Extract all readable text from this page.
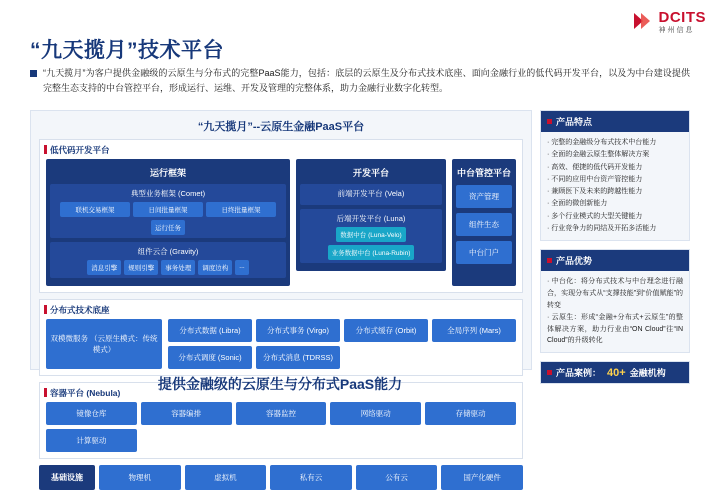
DCITS
神州信息
“九天揽月”技术平台
“九天揽月”为客户提供金融级的云原生与分布式的完整PaaS能力，包括：底层的云原生及分布式技术底座、面向金融行业的低代码开发平台，以及为中台建设提供完整生态支持的中台管控平台，形成运行、运维、开发及管理的完整体系，助力金融行业数字化转型。
“九天揽月”--云原生金融PaaS平台
低代码开发平台
运行框架
典型业务框架 (Comet)
联机交易框架	日间批量框架	日终批量框架
运行任务
组件云合 (Gravity)
消息引擎	规则引擎	事务处理	调度边构	...
开发平台
前端开发平台 (Vela)
后端开发平台 (Luna)
数据中台 (Luna-Velo)
业务数据中台 (Luna-Rubin)
中台管控平台
资产管理
组件生态
中台门户
分布式技术底座
双模微服务 （云原生模式：传统模式）
分布式数据 (Libra)	分布式事务 (Virgo)	分布式缓存 (Orbit)	全局序列 (Mars)
分布式调度 (Sonic)	分布式消息 (TDRSS)
容器平台 (Nebula)
镜像仓库	容器编排	容器监控	网络驱动	存储驱动
计算驱动
基础设施	物理机	虚拟机	私有云	公有云	国产化硬件
提供金融级的云原生与分布式PaaS能力
产品特点

· 完整的金融级分布式技术中台能力

· 全面的金融云原生整体解决方案

· 高效、便捷的低代码开发能力

· 不同的应用中台资产管控能力

· 兼顾医下及未来的跨越性能力

· 全面的微创新能力

· 多个行业模式的大型关键能力

· 行业竞争力的同结及开拓多活能力

产品优势

· 中台化：将分布式技术与中台理念进行融合，实现分布式从“支撑技能”到“价值赋能”的转变

· 云原生：形成“金融+分布式+云原生”的整体解决方案，助力行业由“ON Cloud”往“IN Cloud”的升级转化

产品案例： 40+ 金融机构
